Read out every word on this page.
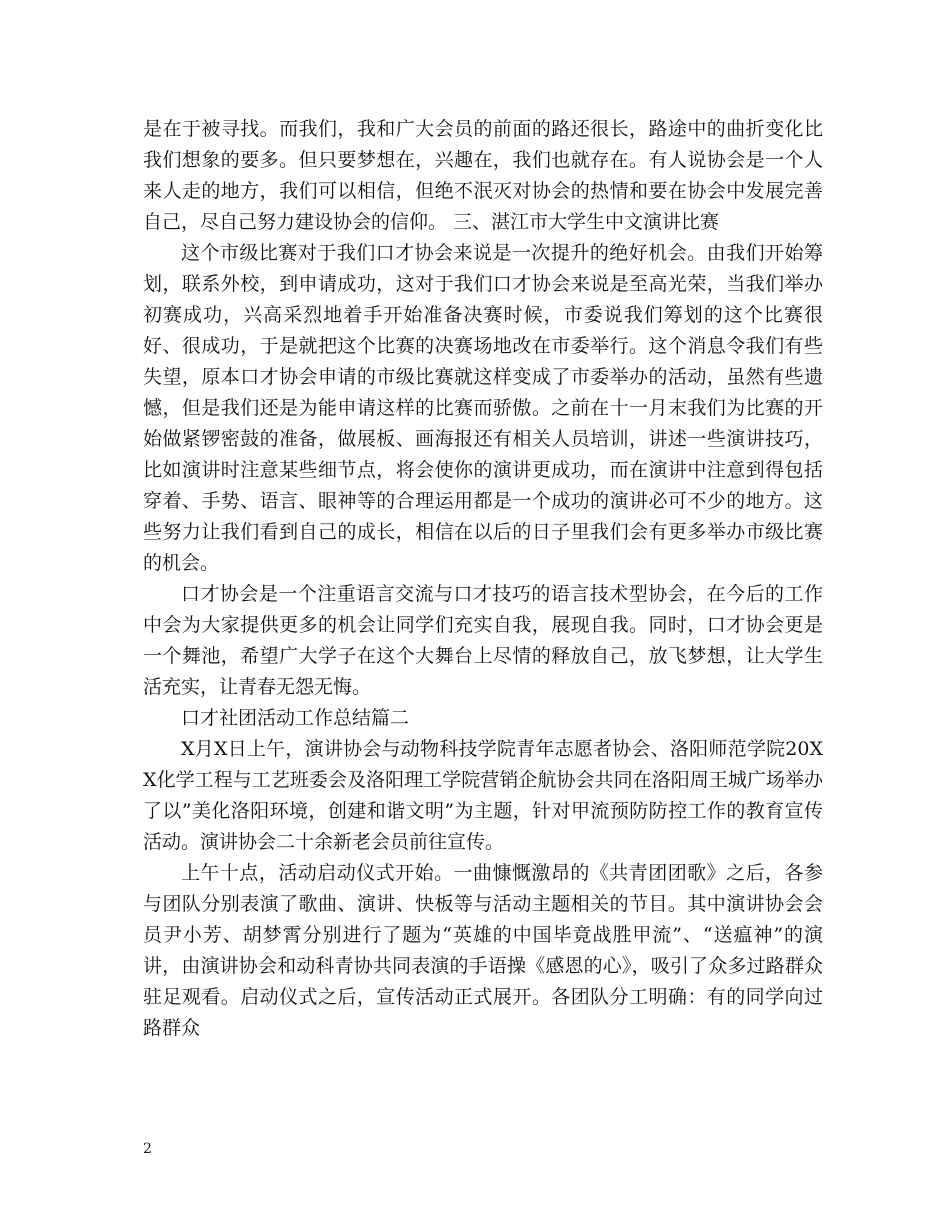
是在于被寻找。而我们，我和广大会员的前面的路还很长，路途中的曲折变化比我们想象的要多。但只要梦想在，兴趣在，我们也就存在。有人说协会是一个人来人走的地方，我们可以相信，但绝不泯灭对协会的热情和要在协会中发展完善自己，尽自己努力建设协会的信仰。 三、湛江市大学生中文演讲比赛

这个市级比赛对于我们口才协会来说是一次提升的绝好机会。由我们开始筹划，联系外校，到申请成功，这对于我们口才协会来说是至高光荣，当我们举办初赛成功，兴高采烈地着手开始准备决赛时候，市委说我们筹划的这个比赛很好、很成功，于是就把这个比赛的决赛场地改在市委举行。这个消息令我们有些失望，原本口才协会申请的市级比赛就这样变成了市委举办的活动，虽然有些遗憾，但是我们还是为能申请这样的比赛而骄傲。之前在十一月末我们为比赛的开始做紧锣密鼓的准备，做展板、画海报还有相关人员培训，讲述一些演讲技巧，比如演讲时注意某些细节点，将会使你的演讲更成功，而在演讲中注意到得包括穿着、手势、语言、眼神等的合理运用都是一个成功的演讲必可不少的地方。这些努力让我们看到自己的成长，相信在以后的日子里我们会有更多举办市级比赛的机会。

口才协会是一个注重语言交流与口才技巧的语言技术型协会，在今后的工作中会为大家提供更多的机会让同学们充实自我，展现自我。同时，口才协会更是一个舞池，希望广大学子在这个大舞台上尽情的释放自己，放飞梦想，让大学生活充实，让青春无怨无悔。

口才社团活动工作总结篇二

X月X日上午，演讲协会与动物科技学院青年志愿者协会、洛阳师范学院20XX化学工程与工艺班委会及洛阳理工学院营销企航协会共同在洛阳周王城广场举办了以”美化洛阳环境，创建和谐文明”为主题，针对甲流预防防控工作的教育宣传活动。演讲协会二十余新老会员前往宣传。

上午十点，活动启动仪式开始。一曲慷慨激昂的《共青团团歌》之后，各参与团队分别表演了歌曲、演讲、快板等与活动主题相关的节目。其中演讲协会会员尹小芳、胡梦霄分别进行了题为“英雄的中国毕竟战胜甲流”、“送瘟神”的演讲，由演讲协会和动科青协共同表演的手语操《感恩的心》，吸引了众多过路群众驻足观看。启动仪式之后，宣传活动正式展开。各团队分工明确：有的同学向过路群众

2
